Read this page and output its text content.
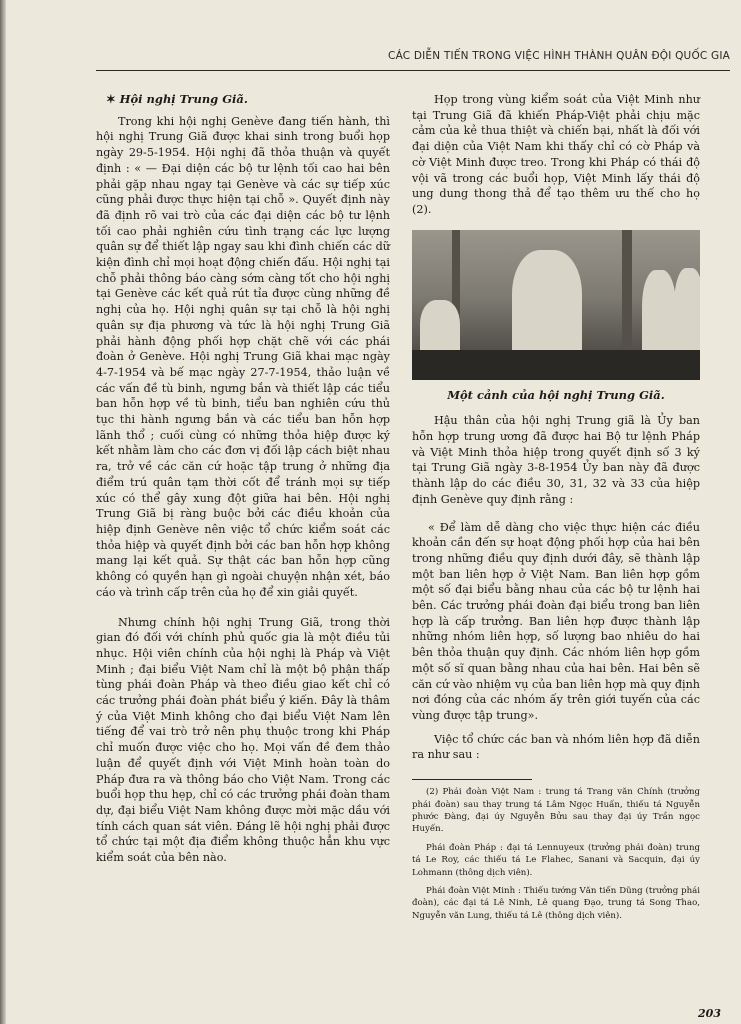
CÁC DIỄN TIẾN TRONG VIỆC HÌNH THÀNH QUÂN ĐỘI QUỐC GIA
✶ Hội nghị Trung Giã.

Trong khi hội nghị Genève đang tiến hành, thì hội nghị Trung Giã được khai sinh trong buổi họp ngày 29-5-1954. Hội nghị đã thỏa thuận và quyết định : « — Đại diện các bộ tư lệnh tối cao hai bên phải gặp nhau ngay tại Genève và các sự tiếp xúc cũng phải được thực hiện tại chỗ ». Quyết định này đã định rõ vai trò của các đại diện các bộ tư lệnh tối cao phải nghiên cứu tình trạng các lực lượng quân sự để thiết lập ngay sau khi đình chiến các dữ kiện đình chỉ mọi hoạt động chiến đấu. Hội nghị tại chỗ phải thông báo càng sớm càng tốt cho hội nghị tại Genève các kết quả rút tỉa được cùng những đề nghị của họ. Hội nghị quân sự tại chỗ là hội nghị quân sự địa phương và tức là hội nghị Trung Giã phải hành động phối hợp chặt chẽ với các phái đoàn ở Genève. Hội nghị Trung Giã khai mạc ngày 4-7-1954 và bế mạc ngày 27-7-1954, thảo luận về các vấn đề tù binh, ngưng bắn và thiết lập các tiểu ban hỗn hợp về tù binh, tiểu ban nghiên cứu thủ tục thi hành ngưng bắn và các tiểu ban hỗn hợp lãnh thổ ; cuối cùng có những thỏa hiệp được ký kết nhằm làm cho các đơn vị đối lập cách biệt nhau ra, trở về các căn cứ hoặc tập trung ở những địa điểm trú quân tạm thời cốt để tránh mọi sự tiếp xúc có thể gây xung đột giữa hai bên. Hội nghị Trung Giã bị ràng buộc bởi các điều khoản của hiệp định Genève nên việc tổ chức kiểm soát các thỏa hiệp và quyết định bởi các ban hỗn hợp không mang lại kết quả. Sự thật các ban hỗn hợp cũng không có quyền hạn gì ngoài chuyện nhận xét, báo cáo và trình cấp trên của họ để xin giải quyết.

Nhưng chính hội nghị Trung Giã, trong thời gian đó đối với chính phủ quốc gia là một điều tủi nhục. Hội viên chính của hội nghị là Pháp và Việt Minh ; đại biểu Việt Nam chỉ là một bộ phận thấp tùng phái đoàn Pháp và theo điều giao kết chỉ có các trưởng phái đoàn phát biểu ý kiến. Đây là thâm ý của Việt Minh không cho đại biểu Việt Nam lên tiếng để vai trò trở nên phụ thuộc trong khi Pháp chỉ muốn được việc cho họ. Mọi vấn đề đem thảo luận để quyết định với Việt Minh hoàn toàn do Pháp đưa ra và thông báo cho Việt Nam. Trong các buổi họp thu hẹp, chỉ có các trưởng phái đoàn tham dự, đại biểu Việt Nam không được mời mặc dầu với tính cách quan sát viên. Đáng lẽ hội nghị phải được tổ chức tại một địa điểm không thuộc hẳn khu vực kiểm soát của bên nào.

Họp trong vùng kiểm soát của Việt Minh như tại Trung Giã đã khiến Pháp-Việt phải chịu mặc cảm của kẻ thua thiệt và chiến bại, nhất là đối với đại diện của Việt Nam khi thấy chỉ có cờ Pháp và cờ Việt Minh được treo. Trong khi Pháp có thái độ vội vã trong các buổi họp, Việt Minh lấy thái độ ung dung thong thả để tạo thêm ưu thế cho họ (2).

Một cảnh của hội nghị Trung Giã.

Hậu thân của hội nghị Trung giã là Ủy ban hỗn hợp trung ương đã được hai Bộ tư lệnh Pháp và Việt Minh thỏa hiệp trong quyết định số 3 ký tại Trung Giã ngày 3-8-1954 Ủy ban này đã được thành lập do các điều 30, 31, 32 và 33 của hiệp định Genève quy định rằng :

« Để làm dễ dàng cho việc thực hiện các điều khoản cần đến sự hoạt động phối hợp của hai bên trong những điều quy định dưới đây, sẽ thành lập một ban liên hợp ở Việt Nam. Ban liên hợp gồm một số đại biểu bằng nhau của các bộ tư lệnh hai bên. Các trưởng phái đoàn đại biểu trong ban liên hợp là cấp trưởng. Ban liên hợp được thành lập những nhóm liên hợp, số lượng bao nhiêu do hai bên thỏa thuận quy định. Các nhóm liên hợp gồm một số sĩ quan bằng nhau của hai bên. Hai bên sẽ căn cứ vào nhiệm vụ của ban liên hợp mà quy định nơi đóng của các nhóm ấy trên giới tuyến của các vùng được tập trung».

Việc tổ chức các ban và nhóm liên hợp đã diễn ra như sau :

(2) Phái đoàn Việt Nam : trung tá Trang văn Chính (trưởng phái đoàn) sau thay trung tá Lâm Ngọc Huấn, thiếu tá Nguyễn phước Đàng, đại úy Nguyễn Bửu sau thay đại úy Trần ngọc Huyến.

Phái đoàn Pháp : đại tá Lennuyeux (trưởng phái đoàn) trung tá Le Roy, các thiếu tá Le Flahec, Sanani và Sacquin, đại úy Lohmann (thông dịch viên).

Phái đoàn Việt Minh : Thiếu tướng Văn tiến Dũng (trưởng phái đoàn), các đại tá Lê Ninh, Lê quang Đạo, trung tá Song Thao, Nguyễn văn Lung, thiếu tá Lê (thông dịch viên).

203
